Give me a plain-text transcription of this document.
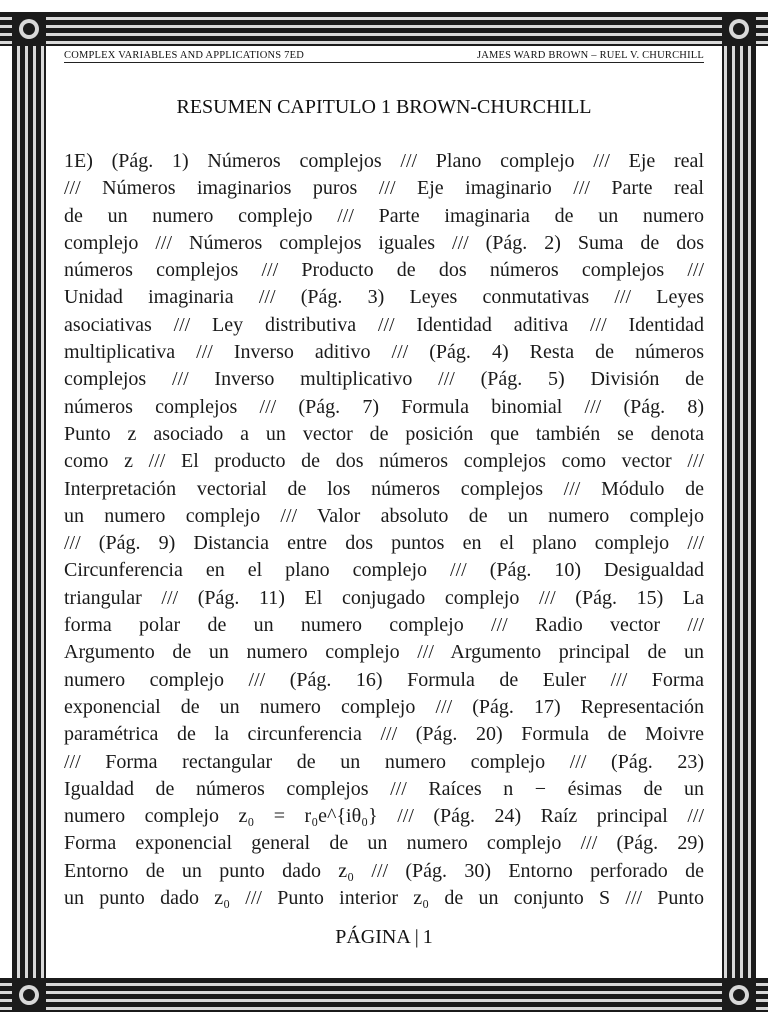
COMPLEX VARIABLES AND APPLICATIONS 7ED	JAMES WARD BROWN – RUEL V. CHURCHILL
RESUMEN CAPITULO 1 BROWN-CHURCHILL
1E) (Pág. 1) Números complejos /// Plano complejo /// Eje real
/// Números imaginarios puros /// Eje imaginario /// Parte real
de un numero complejo /// Parte imaginaria de un numero
complejo /// Números complejos iguales /// (Pág. 2) Suma de dos
números complejos /// Producto de dos números complejos ///
Unidad imaginaria /// (Pág. 3) Leyes conmutativas /// Leyes
asociativas /// Ley distributiva /// Identidad aditiva /// Identidad
multiplicativa /// Inverso aditivo /// (Pág. 4) Resta de números
complejos /// Inverso multiplicativo /// (Pág. 5) División de
números complejos /// (Pág. 7) Formula binomial /// (Pág. 8)
Punto z asociado a un vector de posición que también se denota
como z /// El producto de dos números complejos como vector ///
Interpretación vectorial de los números complejos /// Módulo de
un numero complejo /// Valor absoluto de un numero complejo
/// (Pág. 9) Distancia entre dos puntos en el plano complejo ///
Circunferencia en el plano complejo /// (Pág. 10) Desigualdad
triangular /// (Pág. 11) El conjugado complejo /// (Pág. 15) La
forma polar de un numero complejo /// Radio vector ///
Argumento de un numero complejo /// Argumento principal de un
numero complejo /// (Pág. 16) Formula de Euler /// Forma
exponencial de un numero complejo /// (Pág. 17) Representación
paramétrica de la circunferencia /// (Pág. 20) Formula de Moivre
/// Forma rectangular de un numero complejo /// (Pág. 23)
Igualdad de números complejos /// Raíces n − ésimas de un
numero complejo z₀ = r₀e^{iθ₀} /// (Pág. 24) Raíz principal ///
Forma exponencial general de un numero complejo /// (Pág. 29)
Entorno de un punto dado z₀ /// (Pág. 30) Entorno perforado de
un punto dado z₀ /// Punto interior z₀ de un conjunto S /// Punto
PÁGINA | 1
